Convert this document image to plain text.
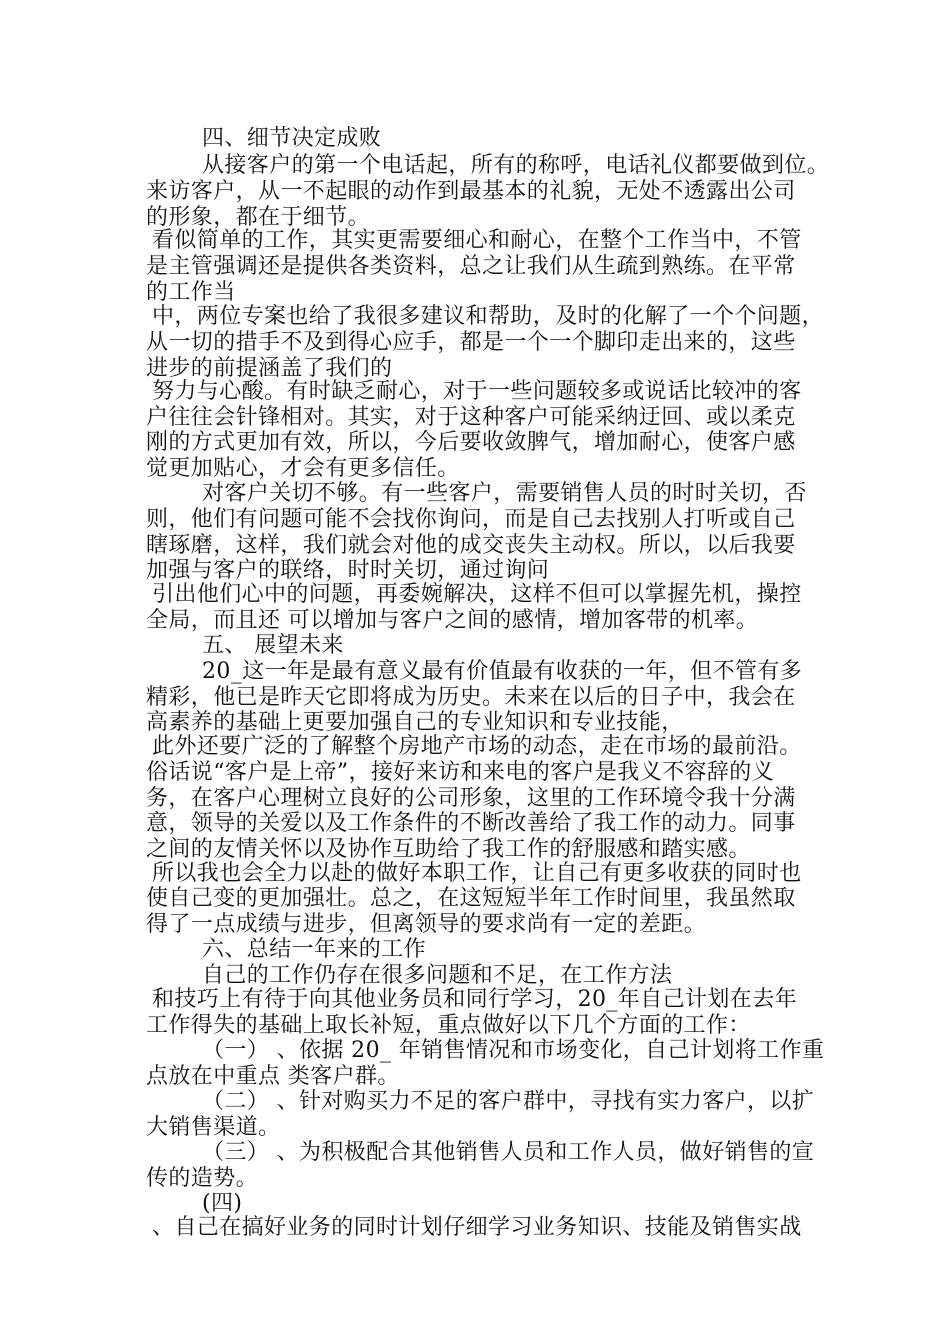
四、细节决定成败
从接客户的第一个电话起，所有的称呼，电话礼仪都要做到位。
来访客户，从一不起眼的动作到最基本的礼貌，无处不透露出公司
的形象，都在于细节。
看似简单的工作，其实更需要细心和耐心，在整个工作当中，不管
是主管强调还是提供各类资料，总之让我们从生疏到熟练。在平常
的工作当
中，两位专案也给了我很多建议和帮助，及时的化解了一个个问题，
从一切的措手不及到得心应手，都是一个一个脚印走出来的，这些
进步的前提涵盖了我们的
努力与心酸。有时缺乏耐心，对于一些问题较多或说话比较冲的客
户往往会针锋相对。其实，对于这种客户可能采纳迂回、或以柔克
刚的方式更加有效，所以，今后要收敛脾气，增加耐心，使客户感
觉更加贴心，才会有更多信任。
对客户关切不够。有一些客户，需要销售人员的时时关切，否
则，他们有问题可能不会找你询问，而是自己去找别人打听或自己
瞎琢磨，这样，我们就会对他的成交丧失主动权。所以，以后我要
加强与客户的联络，时时关切，通过询问
引出他们心中的问题，再委婉解决，这样不但可以掌握先机，操控
全局，而且还 可以增加与客户之间的感情，增加客带的机率。
五、 展望未来
20_这一年是最有意义最有价值最有收获的一年，但不管有多
精彩，他已是昨天它即将成为历史。未来在以后的日子中，我会在
高素养的基础上更要加强自己的专业知识和专业技能，
此外还要广泛的了解整个房地产市场的动态，走在市场的最前沿。
俗话说“客户是上帝”，接好来访和来电的客户是我义不容辞的义
务，在客户心理树立良好的公司形象，这里的工作环境令我十分满
意，领导的关爱以及工作条件的不断改善给了我工作的动力。同事
之间的友情关怀以及协作互助给了我工作的舒服感和踏实感。
所以我也会全力以赴的做好本职工作，让自己有更多收获的同时也
使自己变的更加强壮。总之，在这短短半年工作时间里，我虽然取
得了一点成绩与进步，但离领导的要求尚有一定的差距。
六、总结一年来的工作
自己的工作仍存在很多问题和不足，在工作方法
和技巧上有待于向其他业务员和同行学习，20_年自己计划在去年
工作得失的基础上取长补短，重点做好以下几个方面的工作：
（一） 、依据 20_ 年销售情况和市场变化，自己计划将工作重
点放在中重点 类客户群。
（二） 、针对购买力不足的客户群中，寻找有实力客户，以扩
大销售渠道。
（三） 、为积极配合其他销售人员和工作人员，做好销售的宣
传的造势。
(四)
、自己在搞好业务的同时计划仔细学习业务知识、技能及销售实战
